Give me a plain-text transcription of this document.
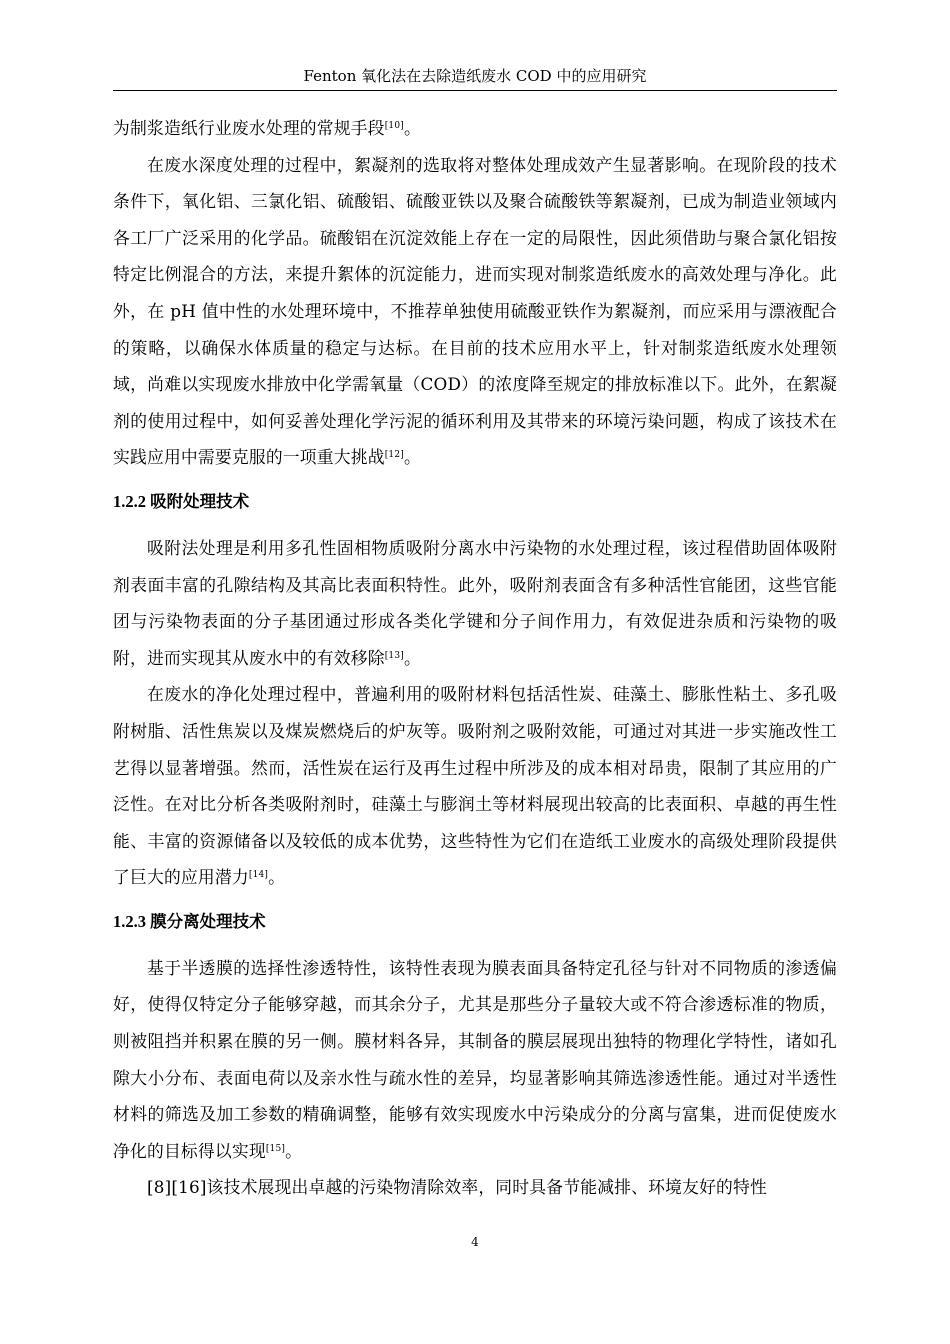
Fenton 氧化法在去除造纸废水 COD 中的应用研究

为制浆造纸行业废水处理的常规手段[10]。

在废水深度处理的过程中，絮凝剂的选取将对整体处理成效产生显著影响。在现阶段的技术条件下，氧化铝、三氯化铝、硫酸铝、硫酸亚铁以及聚合硫酸铁等絮凝剂，已成为制造业领域内各工厂广泛采用的化学品。硫酸铝在沉淀效能上存在一定的局限性，因此须借助与聚合氯化铝按特定比例混合的方法，来提升絮体的沉淀能力，进而实现对制浆造纸废水的高效处理与净化。此外，在 pH 值中性的水处理环境中，不推荐单独使用硫酸亚铁作为絮凝剂，而应采用与漂液配合的策略，以确保水体质量的稳定与达标。在目前的技术应用水平上，针对制浆造纸废水处理领域，尚难以实现废水排放中化学需氧量（COD）的浓度降至规定的排放标准以下。此外，在絮凝剂的使用过程中，如何妥善处理化学污泥的循环利用及其带来的环境污染问题，构成了该技术在实践应用中需要克服的一项重大挑战[12]。

1.2.2 吸附处理技术

吸附法处理是利用多孔性固相物质吸附分离水中污染物的水处理过程，该过程借助固体吸附剂表面丰富的孔隙结构及其高比表面积特性。此外，吸附剂表面含有多种活性官能团，这些官能团与污染物表面的分子基团通过形成各类化学键和分子间作用力，有效促进杂质和污染物的吸附，进而实现其从废水中的有效移除[13]。

在废水的净化处理过程中，普遍利用的吸附材料包括活性炭、硅藻土、膨胀性粘土、多孔吸附树脂、活性焦炭以及煤炭燃烧后的炉灰等。吸附剂之吸附效能，可通过对其进一步实施改性工艺得以显著增强。然而，活性炭在运行及再生过程中所涉及的成本相对昂贵，限制了其应用的广泛性。在对比分析各类吸附剂时，硅藻土与膨润土等材料展现出较高的比表面积、卓越的再生性能、丰富的资源储备以及较低的成本优势，这些特性为它们在造纸工业废水的高级处理阶段提供了巨大的应用潜力[14]。

1.2.3 膜分离处理技术

基于半透膜的选择性渗透特性，该特性表现为膜表面具备特定孔径与针对不同物质的渗透偏好，使得仅特定分子能够穿越，而其余分子，尤其是那些分子量较大或不符合渗透标准的物质，则被阻挡并积累在膜的另一侧。膜材料各异，其制备的膜层展现出独特的物理化学特性，诸如孔隙大小分布、表面电荷以及亲水性与疏水性的差异，均显著影响其筛选渗透性能。通过对半透性材料的筛选及加工参数的精确调整，能够有效实现废水中污染成分的分离与富集，进而促使废水净化的目标得以实现[15]。

[8][16]该技术展现出卓越的污染物清除效率，同时具备节能减排、环境友好的特性

4
